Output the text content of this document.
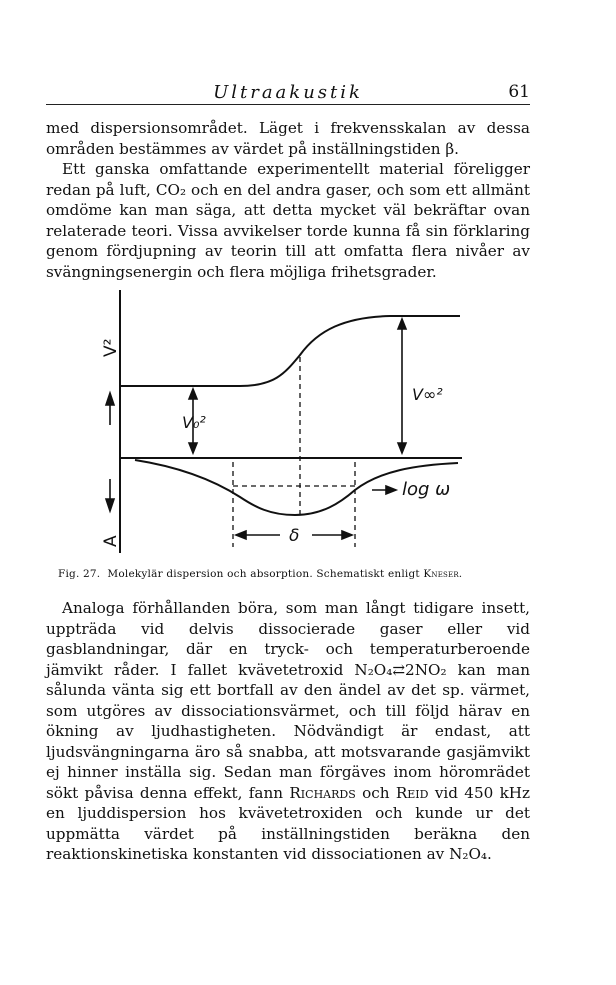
Ultraakustik	61

med dispersionsområdet. Läget i frekvensskalan av dessa områden bestämmes av värdet på inställningstiden β.

Ett ganska omfattande experimentellt material föreligger redan på luft, CO₂ och en del andra gaser, och som ett allmänt omdöme kan man säga, att detta mycket väl bekräftar ovan relaterade teori. Vissa avvikelser torde kunna få sin förklaring genom fördjupning av teorin till att omfatta flera nivåer av svängningsenergin och flera möjliga frihetsgrader.

V²
A
V₀²
V∞²
log ω
δ
Fig. 27. Molekylär dispersion och absorption. Schematiskt enligt Kneser.

Analoga förhållanden böra, som man långt tidigare insett, uppträda vid delvis dissocierade gaser eller vid gasblandningar, där en tryck- och temperaturberoende jämvikt råder. I fallet kvävetetroxid N₂O₄⇄2NO₂ kan man sålunda vänta sig ett bortfall av den ändel av det sp. värmet, som utgöres av dissociationsvärmet, och till följd härav en ökning av ljudhastigheten. Nödvändigt är endast, att ljudsvängningarna äro så snabba, att motsvarande gasjämvikt ej hinner inställa sig. Sedan man förgäves inom höromrädet sökt påvisa denna effekt, fann Richards och Reid vid 450 kHz en ljuddispersion hos kvävetetroxiden och kunde ur det uppmätta värdet på inställningstiden beräkna den reaktionskinetiska konstanten vid dissociationen av N₂O₄.
